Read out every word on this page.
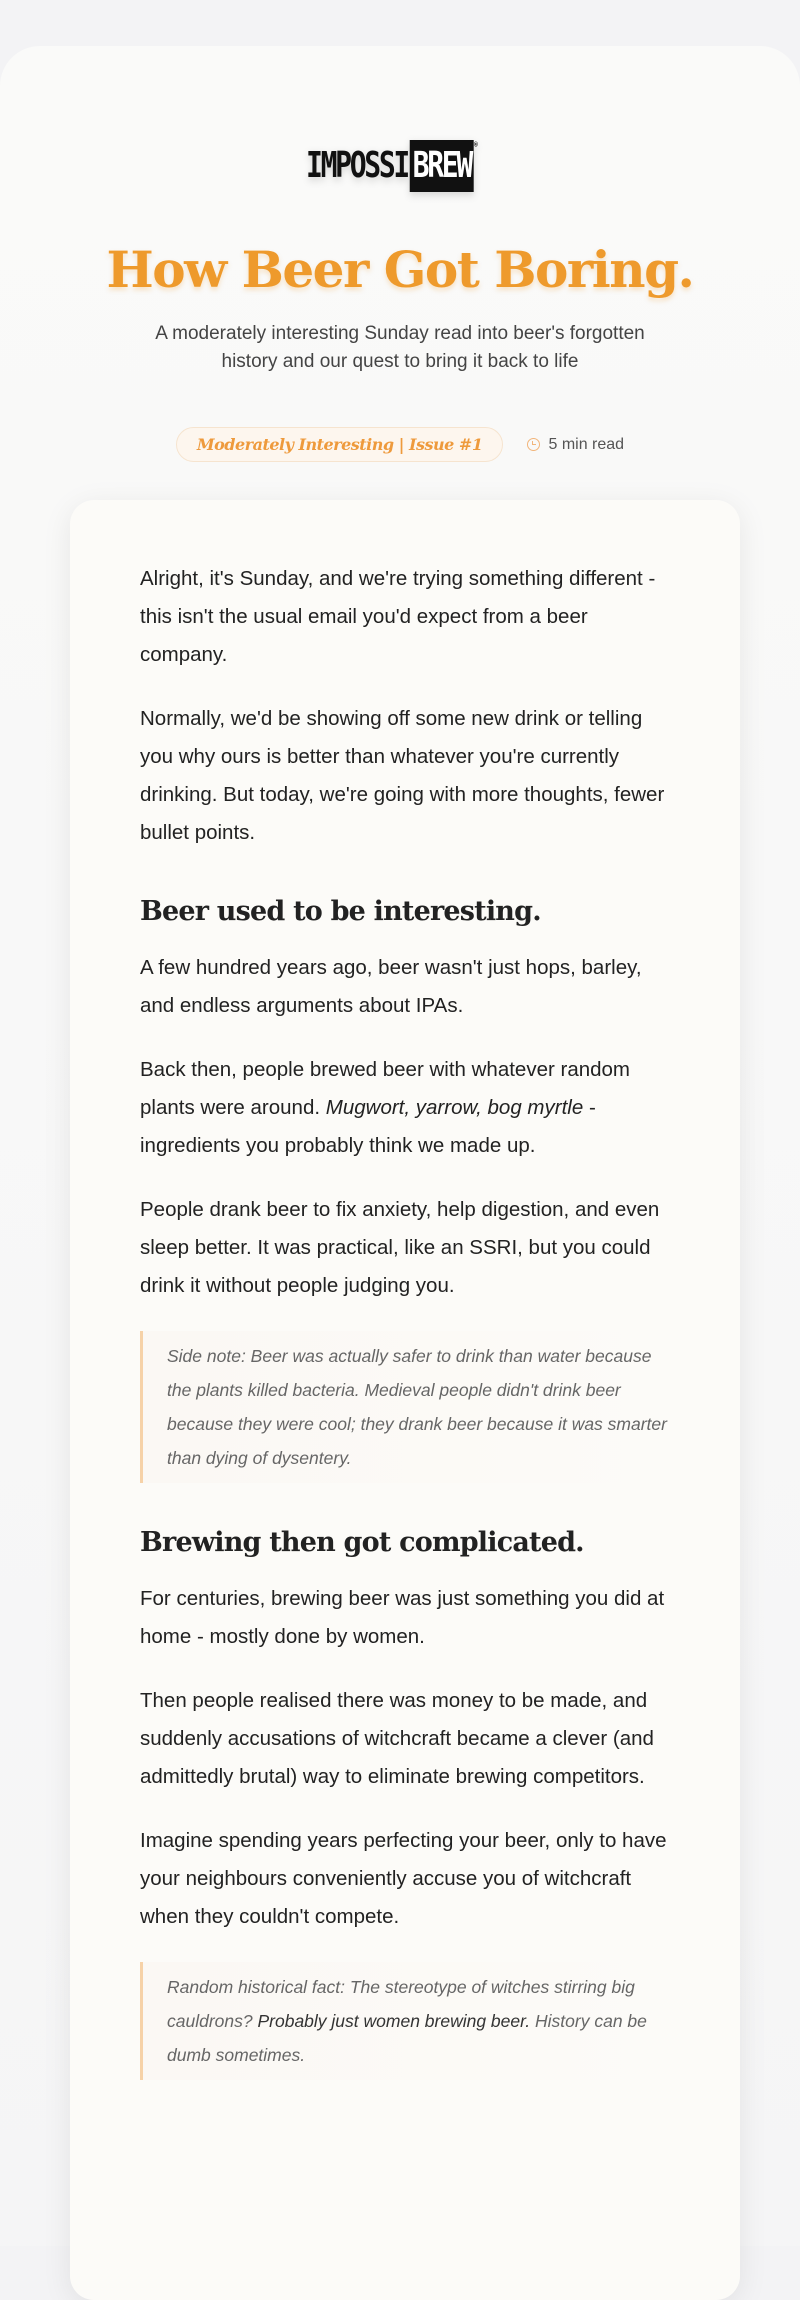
IMPOSSI BREW
®
How Beer Got Boring.
A moderately interesting Sunday read into beer's forgotten history and our quest to bring it back to life
Moderately Interesting | Issue #1	5 min read

Alright, it's Sunday, and we're trying something different - this isn't the usual email you'd expect from a beer company.

Normally, we'd be showing off some new drink or telling you why ours is better than whatever you're currently drinking. But today, we're going with more thoughts, fewer bullet points.

Beer used to be interesting.

A few hundred years ago, beer wasn't just hops, barley, and endless arguments about IPAs.

Back then, people brewed beer with whatever random plants were around. Mugwort, yarrow, bog myrtle - ingredients you probably think we made up.

People drank beer to fix anxiety, help digestion, and even sleep better. It was practical, like an SSRI, but you could drink it without people judging you.

Side note: Beer was actually safer to drink than water because the plants killed bacteria. Medieval people didn't drink beer because they were cool; they drank beer because it was smarter than dying of dysentery.
Brewing then got complicated.

For centuries, brewing beer was just something you did at home - mostly done by women.

Then people realised there was money to be made, and suddenly accusations of witchcraft became a clever (and admittedly brutal) way to eliminate brewing competitors.

Imagine spending years perfecting your beer, only to have your neighbours conveniently accuse you of witchcraft when they couldn't compete.

Random historical fact: The stereotype of witches stirring big cauldrons? Probably just women brewing beer. History can be dumb sometimes.
